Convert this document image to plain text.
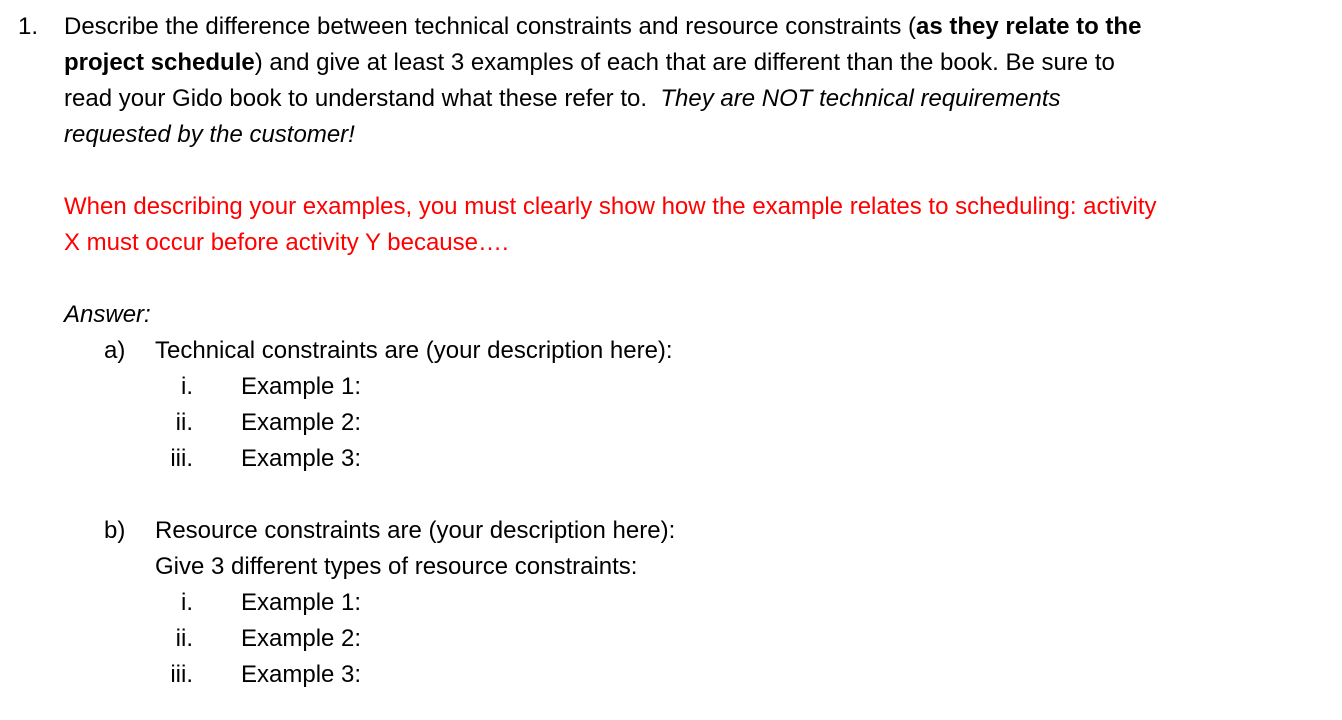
1. Describe the difference between technical constraints and resource constraints (as they relate to the
project schedule) and give at least 3 examples of each that are different than the book. Be sure to
read your Gido book to understand what these refer to.  They are NOT technical requirements
requested by the customer!
When describing your examples, you must clearly show how the example relates to scheduling: activity
X must occur before activity Y because….
Answer:
a) Technical constraints are (your description here):
i. Example 1:
ii. Example 2:
iii. Example 3:
b) Resource constraints are (your description here):
Give 3 different types of resource constraints:
i. Example 1:
ii. Example 2:
iii. Example 3:
